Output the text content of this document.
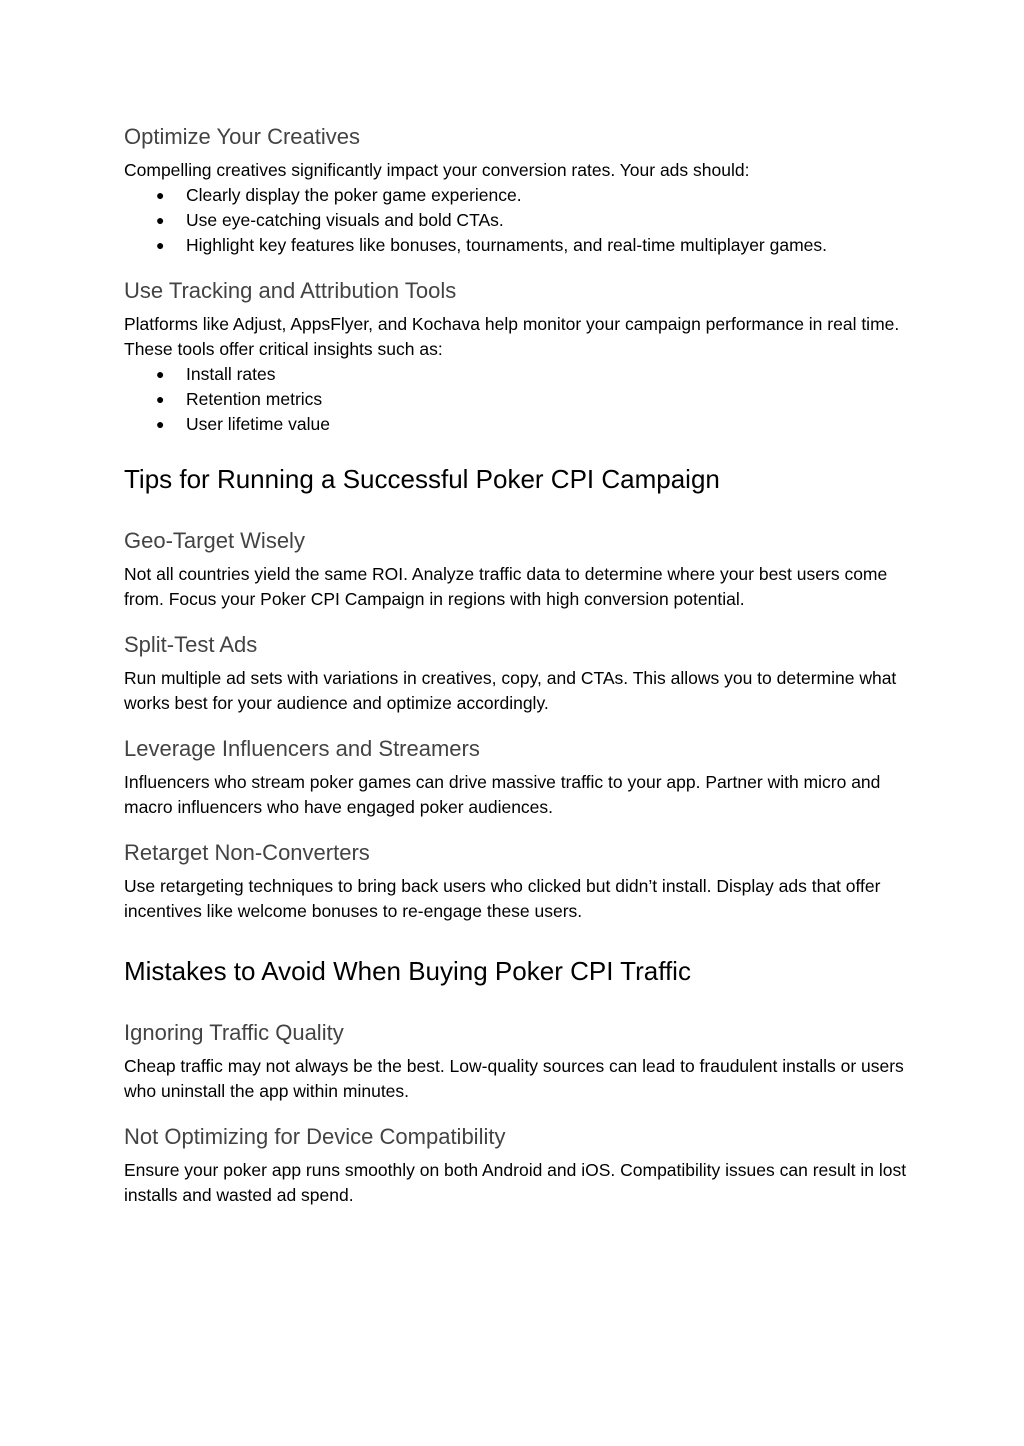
Optimize Your Creatives

Compelling creatives significantly impact your conversion rates. Your ads should:

● Clearly display the poker game experience.
● Use eye-catching visuals and bold CTAs.
● Highlight key features like bonuses, tournaments, and real-time multiplayer games.
Use Tracking and Attribution Tools

Platforms like Adjust, AppsFlyer, and Kochava help monitor your campaign performance in real time. These tools offer critical insights such as:

● Install rates
● Retention metrics
● User lifetime value
Tips for Running a Successful Poker CPI Campaign
Geo-Target Wisely

Not all countries yield the same ROI. Analyze traffic data to determine where your best users come from. Focus your Poker CPI Campaign in regions with high conversion potential.

Split-Test Ads

Run multiple ad sets with variations in creatives, copy, and CTAs. This allows you to determine what works best for your audience and optimize accordingly.

Leverage Influencers and Streamers

Influencers who stream poker games can drive massive traffic to your app. Partner with micro and macro influencers who have engaged poker audiences.

Retarget Non-Converters

Use retargeting techniques to bring back users who clicked but didn’t install. Display ads that offer incentives like welcome bonuses to re-engage these users.

Mistakes to Avoid When Buying Poker CPI Traffic
Ignoring Traffic Quality

Cheap traffic may not always be the best. Low-quality sources can lead to fraudulent installs or users who uninstall the app within minutes.

Not Optimizing for Device Compatibility

Ensure your poker app runs smoothly on both Android and iOS. Compatibility issues can result in lost installs and wasted ad spend.
